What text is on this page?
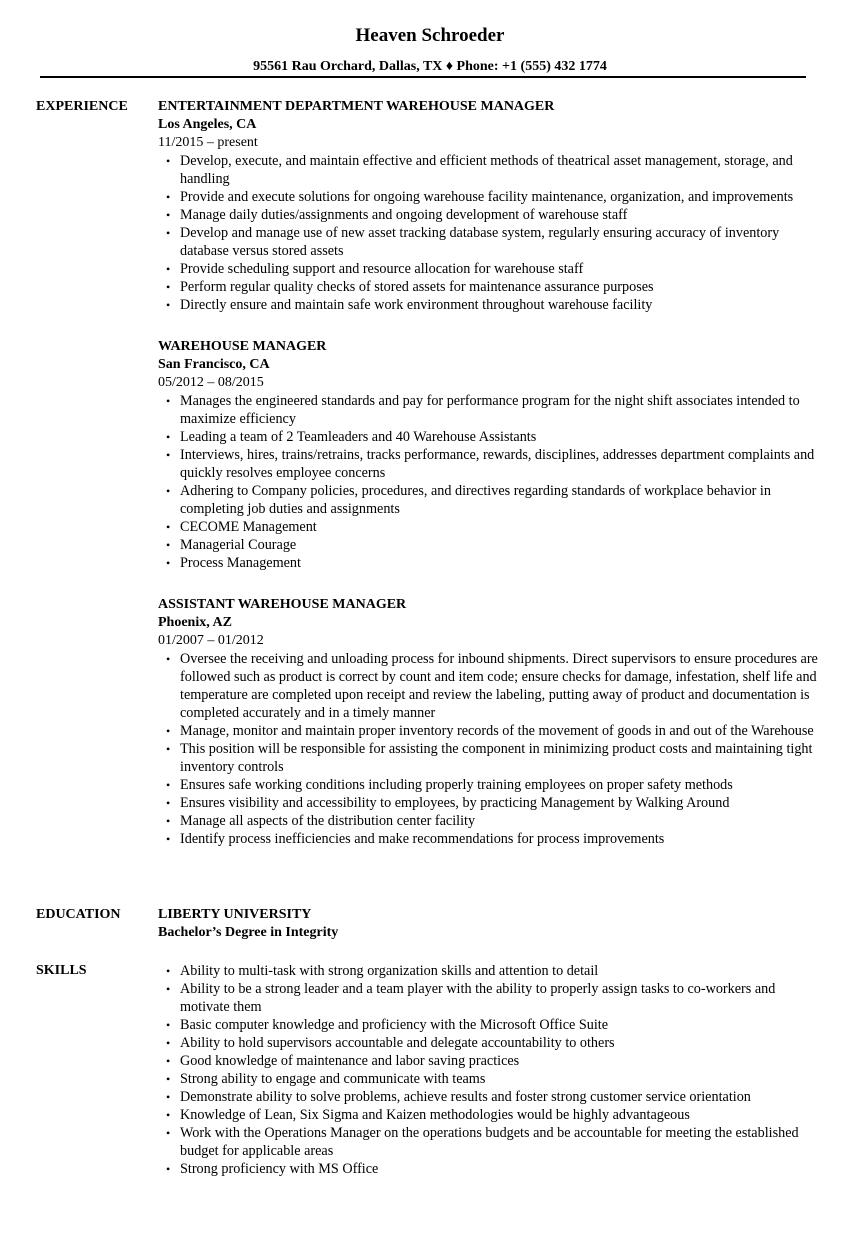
Heaven Schroeder
95561 Rau Orchard, Dallas, TX ♦ Phone: +1 (555) 432 1774
EXPERIENCE ENTERTAINMENT DEPARTMENT WAREHOUSE MANAGER
Los Angeles, CA
11/2015 – present
• Develop, execute, and maintain effective and efficient methods of theatrical asset management, storage, and handling
• Provide and execute solutions for ongoing warehouse facility maintenance, organization, and improvements
• Manage daily duties/assignments and ongoing development of warehouse staff
• Develop and manage use of new asset tracking database system, regularly ensuring accuracy of inventory database versus stored assets
• Provide scheduling support and resource allocation for warehouse staff
• Perform regular quality checks of stored assets for maintenance assurance purposes
• Directly ensure and maintain safe work environment throughout warehouse facility
WAREHOUSE MANAGER
San Francisco, CA
05/2012 – 08/2015
• Manages the engineered standards and pay for performance program for the night shift associates intended to maximize efficiency
• Leading a team of 2 Teamleaders and 40 Warehouse Assistants
• Interviews, hires, trains/retrains, tracks performance, rewards, disciplines, addresses department complaints and quickly resolves employee concerns
• Adhering to Company policies, procedures, and directives regarding standards of workplace behavior in completing job duties and assignments
• CECOME Management
• Managerial Courage
• Process Management
ASSISTANT WAREHOUSE MANAGER
Phoenix, AZ
01/2007 – 01/2012
• Oversee the receiving and unloading process for inbound shipments. Direct supervisors to ensure procedures are followed such as product is correct by count and item code; ensure checks for damage, infestation, shelf life and temperature are completed upon receipt and review the labeling, putting away of product and documentation is completed accurately and in a timely manner
• Manage, monitor and maintain proper inventory records of the movement of goods in and out of the Warehouse
• This position will be responsible for assisting the component in minimizing product costs and maintaining tight inventory controls
• Ensures safe working conditions including properly training employees on proper safety methods
• Ensures visibility and accessibility to employees, by practicing Management by Walking Around
• Manage all aspects of the distribution center facility
• Identify process inefficiencies and make recommendations for process improvements
EDUCATION	LIBERTY UNIVERSITY
Bachelor’s Degree in Integrity
SKILLS	• Ability to multi-task with strong organization skills and attention to detail
• Ability to be a strong leader and a team player with the ability to properly assign tasks to co-workers and motivate them
• Basic computer knowledge and proficiency with the Microsoft Office Suite
• Ability to hold supervisors accountable and delegate accountability to others
• Good knowledge of maintenance and labor saving practices
• Strong ability to engage and communicate with teams
• Demonstrate ability to solve problems, achieve results and foster strong customer service orientation
• Knowledge of Lean, Six Sigma and Kaizen methodologies would be highly advantageous
• Work with the Operations Manager on the operations budgets and be accountable for meeting the established budget for applicable areas
• Strong proficiency with MS Office
